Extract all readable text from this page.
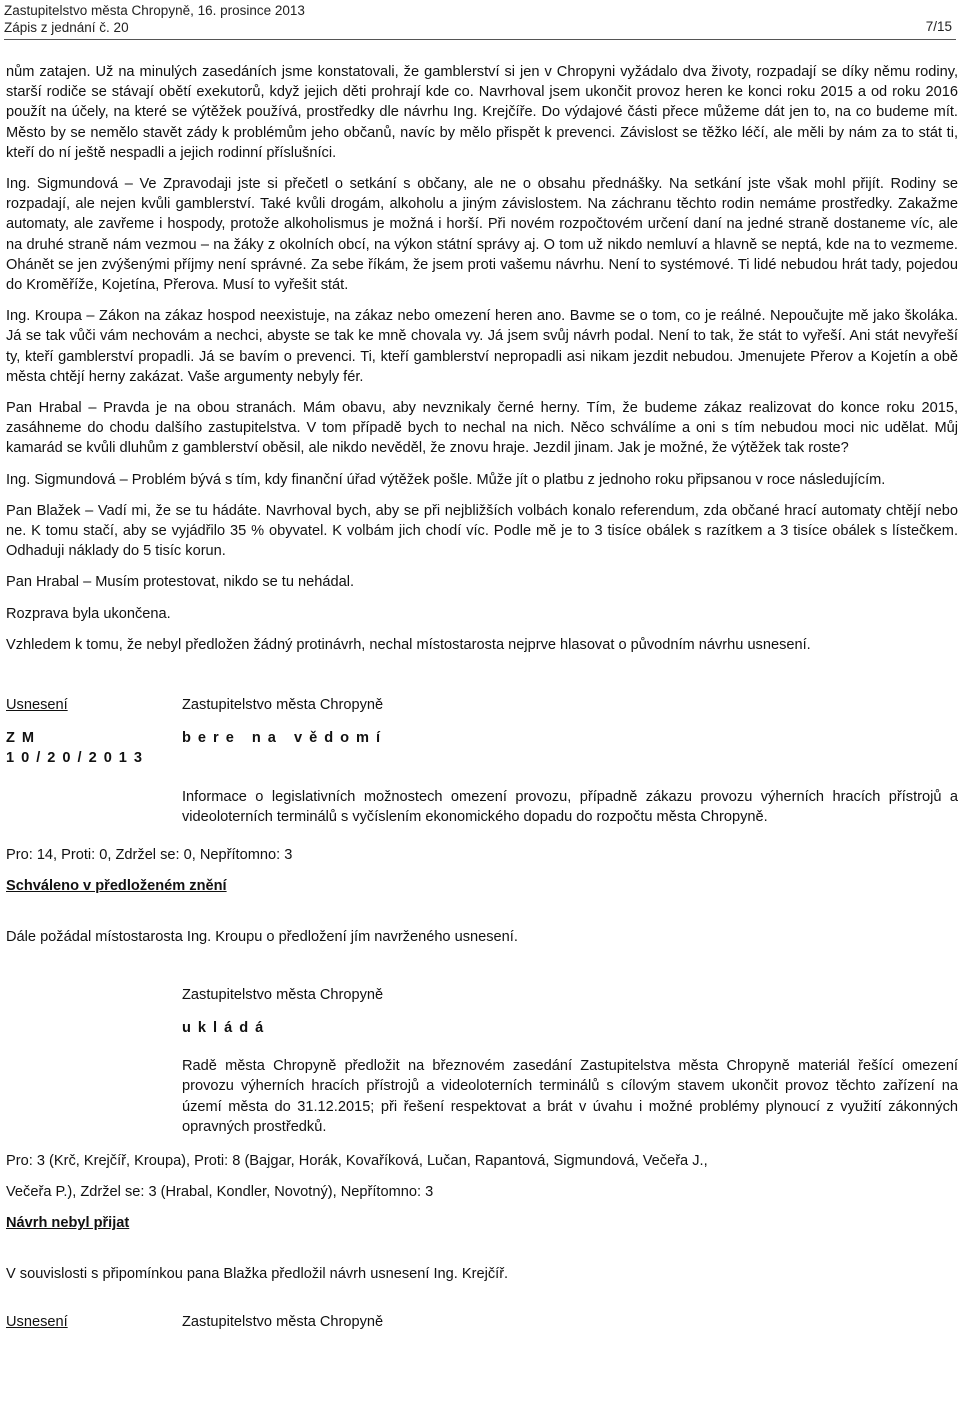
Zastupitelstvo města Chropyně, 16. prosince 2013
Zápis z jednání č. 20	7/15

nům zatajen. Už na minulých zasedáních jsme konstatovali, že gamblerství si jen v Chropyni vyžádalo dva životy, rozpadají se díky němu rodiny, starší rodiče se stávají obětí exekutorů, když jejich děti prohrají kde co. Navrhoval jsem ukončit provoz heren ke konci roku 2015 a od roku 2016 použít na účely, na které se výtěžek používá, prostředky dle návrhu Ing. Krejčíře. Do výdajové části přece můžeme dát jen to, na co budeme mít. Město by se nemělo stavět zády k problémům jeho občanů, navíc by mělo přispět k prevenci. Závislost se těžko léčí, ale měli by nám za to stát ti, kteří do ní ještě nespadli a jejich rodinní příslušníci.

Ing. Sigmundová – Ve Zpravodaji jste si přečetl o setkání s občany, ale ne o obsahu přednášky. Na setkání jste však mohl přijít. Rodiny se rozpadají, ale nejen kvůli gamblerství. Také kvůli drogám, alkoholu a jiným závislostem. Na záchranu těchto rodin nemáme prostředky. Zakažme automaty, ale zavřeme i hospody, protože alkoholismus je možná i horší. Při novém rozpočtovém určení daní na jedné straně dostaneme víc, ale na druhé straně nám vezmou – na žáky z okolních obcí, na výkon státní správy aj. O tom už nikdo nemluví a hlavně se neptá, kde na to vezmeme. Ohánět se jen zvýšenými příjmy není správné. Za sebe říkám, že jsem proti vašemu návrhu. Není to systémové. Ti lidé nebudou hrát tady, pojedou do Kroměříže, Kojetína, Přerova. Musí to vyřešit stát.

Ing. Kroupa – Zákon na zákaz hospod neexistuje, na zákaz nebo omezení heren ano. Bavme se o tom, co je reálné. Nepoučujte mě jako školáka. Já se tak vůči vám nechovám a nechci, abyste se tak ke mně chovala vy. Já jsem svůj návrh podal. Není to tak, že stát to vyřeší. Ani stát nevyřeší ty, kteří gamblerství propadli. Já se bavím o prevenci. Ti, kteří gamblerství nepropadli asi nikam jezdit nebudou. Jmenujete Přerov a Kojetín a obě města chtějí herny zakázat. Vaše argumenty nebyly fér.

Pan Hrabal – Pravda je na obou stranách. Mám obavu, aby nevznikaly černé herny. Tím, že budeme zákaz realizovat do konce roku 2015, zasáhneme do chodu dalšího zastupitelstva. V tom případě bych to nechal na nich. Něco schválíme a oni s tím nebudou moci nic udělat. Můj kamarád se kvůli dluhům z gamblerství oběsil, ale nikdo nevěděl, že znovu hraje. Jezdil jinam. Jak je možné, že výtěžek tak roste?

Ing. Sigmundová – Problém bývá s tím, kdy finanční úřad výtěžek pošle. Může jít o platbu z jednoho roku připsanou v roce následujícím.

Pan Blažek – Vadí mi, že se tu hádáte. Navrhoval bych, aby se při nejbližších volbách konalo referendum, zda občané hrací automaty chtějí nebo ne. K tomu stačí, aby se vyjádřilo 35 % obyvatel. K volbám jich chodí víc. Podle mě je to 3 tisíce obálek s razítkem a 3 tisíce obálek s lístečkem. Odhaduji náklady do 5 tisíc korun.

Pan Hrabal – Musím protestovat, nikdo se tu nehádal.

Rozprava byla ukončena.

Vzhledem k tomu, že nebyl předložen žádný protinávrh, nechal místostarosta nejprve hlasovat o původním návrhu usnesení.

Usnesení	Zastupitelstvo města Chropyně
ZM 10/20/2013
bere na vědomí
Informace o legislativních možnostech omezení provozu, případně zákazu provozu výherních hracích přístrojů a videoloterních terminálů s vyčíslením ekonomického dopadu do rozpočtu města Chropyně.

Pro: 14, Proti: 0, Zdržel se: 0, Nepřítomno: 3

Schváleno v předloženém znění

Dále požádal místostarosta Ing. Kroupu o předložení jím navrženého usnesení.

Zastupitelstvo města Chropyně
ukládá
Radě města Chropyně předložit na březnovém zasedání Zastupitelstva města Chropyně materiál řešící omezení provozu výherních hracích přístrojů a videoloterních terminálů s cílovým stavem ukončit provoz těchto zařízení na území města do 31.12.2015; při řešení respektovat a brát v úvahu i možné problémy plynoucí z využití zákonných opravných prostředků.

Pro: 3 (Krč, Krejčíř, Kroupa), Proti: 8 (Bajgar, Horák, Kovaříková, Lučan, Rapantová, Sigmundová, Večeřa J.,

Večeřa P.), Zdržel se: 3 (Hrabal, Kondler, Novotný), Nepřítomno: 3

Návrh nebyl přijat

V souvislosti s připomínkou pana Blažka předložil návrh usnesení Ing. Krejčíř.

Usnesení	Zastupitelstvo města Chropyně
